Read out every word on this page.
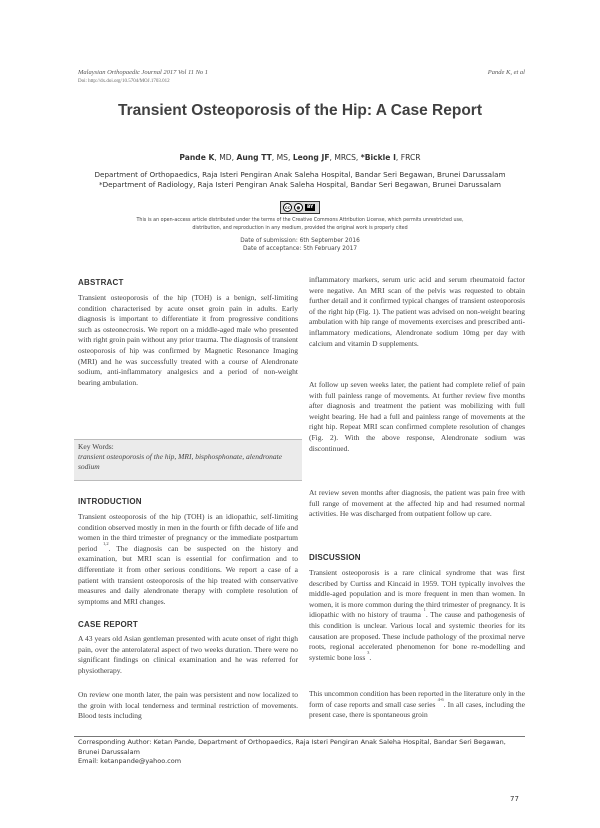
Malaysian Orthopaedic Journal 2017 Vol 11 No 1
Doi: http://dx.doi.org/10.5704/MOJ.1703.012
Pande K, et al
Transient Osteoporosis of the Hip: A Case Report
Pande K, MD, Aung TT, MS, Leong JF, MRCS, *Bickle I, FRCR
Department of Orthopaedics, Raja Isteri Pengiran Anak Saleha Hospital, Bandar Seri Begawan, Brunei Darussalam
*Department of Radiology, Raja Isteri Pengiran Anak Saleha Hospital, Bandar Seri Begawan, Brunei Darussalam
cc	●	BY
This is an open-access article distributed under the terms of the Creative Commons Attribution License, which permits unrestricted use,
distribution, and reproduction in any medium, provided the original work is properly cited
Date of submission: 6th September 2016
Date of acceptance: 5th February 2017
ABSTRACT

Transient osteoporosis of the hip (TOH) is a benign, self-limiting condition characterised by acute onset groin pain in adults. Early diagnosis is important to differentiate it from progressive conditions such as osteonecrosis. We report on a middle-aged male who presented with right groin pain without any prior trauma. The diagnosis of transient osteoporosis of hip was confirmed by Magnetic Resonance Imaging (MRI) and he was successfully treated with a course of Alendronate sodium, anti-inflammatory analgesics and a period of non-weight bearing ambulation.

Key Words:
transient osteoporosis of the hip, MRI, bisphosphonate, alendronate sodium
INTRODUCTION

Transient osteoporosis of the hip (TOH) is an idiopathic, self-limiting condition observed mostly in men in the fourth or fifth decade of life and women in the third trimester of pregnancy or the immediate postpartum period $^{1,2}$. The diagnosis can be suspected on the history and examination, but MRI scan is essential for confirmation and to differentiate it from other serious conditions. We report a case of a patient with transient osteoporosis of the hip treated with conservative measures and daily alendronate therapy with complete resolution of symptoms and MRI changes.

CASE REPORT

A 43 years old Asian gentleman presented with acute onset of right thigh pain, over the anterolateral aspect of two weeks duration. There were no significant findings on clinical examination and he was referred for physiotherapy.

On review one month later, the pain was persistent and now localized to the groin with local tenderness and terminal restriction of movements. Blood tests including

inflammatory markers, serum uric acid and serum rheumatoid factor were negative. An MRI scan of the pelvis was requested to obtain further detail and it confirmed typical changes of transient osteoporosis of the right hip (Fig. 1). The patient was advised on non-weight bearing ambulation with hip range of movements exercises and prescribed anti-inflammatory medications, Alendronate sodium 10mg per day with calcium and vitamin D supplements.

At follow up seven weeks later, the patient had complete relief of pain with full painless range of movements. At further review five months after diagnosis and treatment the patient was mobilizing with full weight bearing. He had a full and painless range of movements at the right hip. Repeat MRI scan confirmed complete resolution of changes (Fig. 2). With the above response, Alendronate sodium was discontinued.

At review seven months after diagnosis, the patient was pain free with full range of movement at the affected hip and had resumed normal activities. He was discharged from outpatient follow up care.

DISCUSSION

Transient osteoporosis is a rare clinical syndrome that was first described by Curtiss and Kincaid in 1959. TOH typically involves the middle-aged population and is more frequent in men than women. In women, it is more common during the third trimester of pregnancy. It is idiopathic with no history of trauma $^1$. The cause and pathogenesis of this condition is unclear. Various local and systemic theories for its causation are proposed. These include pathology of the proximal nerve roots, regional accelerated phenomenon for bone re-modelling and systemic bone loss $^3$.

This uncommon condition has been reported in the literature only in the form of case reports and small case series $^{4-6}$. In all cases, including the present case, there is spontaneous groin

Corresponding Author: Ketan Pande, Department of Orthopaedics, Raja Isteri Pengiran Anak Saleha Hospital, Bandar Seri Begawan, Brunei Darussalam
Email: ketanpande@yahoo.com
77
